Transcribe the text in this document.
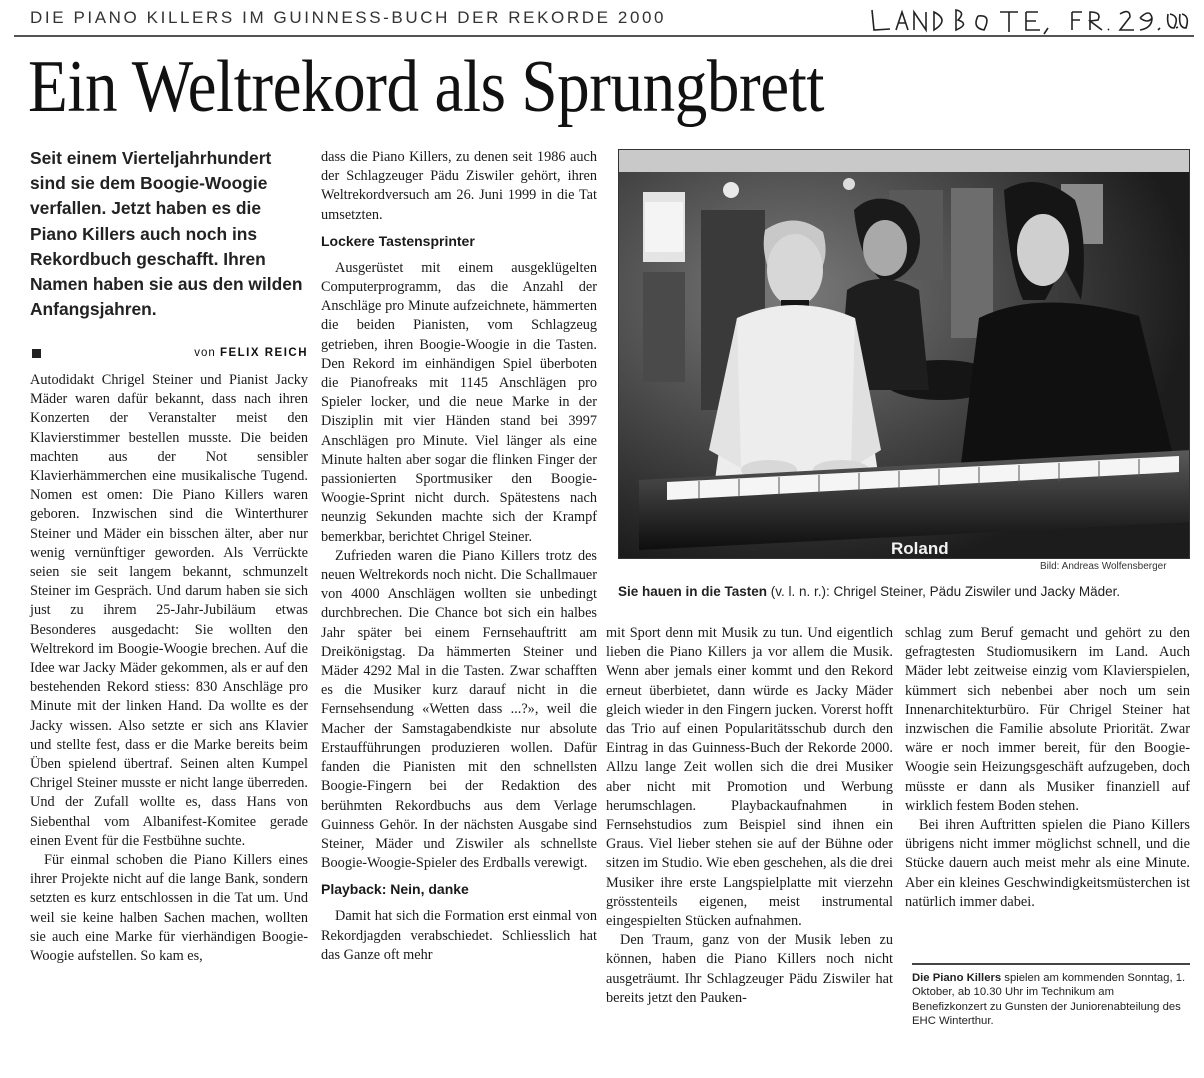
DIE PIANO KILLERS IM GUINNESS-BUCH DER REKORDE 2000
Ein Weltrekord als Sprungbrett
Seit einem Vierteljahrhundert sind sie dem Boogie-Woogie verfallen. Jetzt haben es die Piano Killers auch noch ins Rekordbuch geschafft. Ihren Namen haben sie aus den wilden Anfangsjahren.
von FELIX REICH

Autodidakt Chrigel Steiner und Pianist Jacky Mäder waren dafür bekannt, dass nach ihren Konzerten der Veranstalter meist den Klavierstimmer bestellen musste. Die beiden machten aus der Not sensibler Klavierhämmerchen eine musikalische Tugend. Nomen est omen: Die Piano Killers waren geboren. Inzwischen sind die Winterthurer Steiner und Mäder ein bisschen älter, aber nur wenig vernünftiger geworden. Als Verrückte seien sie seit langem bekannt, schmunzelt Steiner im Gespräch. Und darum haben sie sich just zu ihrem 25-Jahr-Jubiläum etwas Besonderes ausgedacht: Sie wollten den Weltrekord im Boogie-Woogie brechen. Auf die Idee war Jacky Mäder gekommen, als er auf den bestehenden Rekord stiess: 830 Anschläge pro Minute mit der linken Hand. Da wollte es der Jacky wissen. Also setzte er sich ans Klavier und stellte fest, dass er die Marke bereits beim Üben spielend übertraf. Seinen alten Kumpel Chrigel Steiner musste er nicht lange überreden. Und der Zufall wollte es, dass Hans von Siebenthal vom Albanifest-Komitee gerade einen Event für die Festbühne suchte.

Für einmal schoben die Piano Killers eines ihrer Projekte nicht auf die lange Bank, sondern setzten es kurz entschlossen in die Tat um. Und weil sie keine halben Sachen machen, wollten sie auch eine Marke für vierhändigen Boogie-Woogie aufstellen. So kam es,

dass die Piano Killers, zu denen seit 1986 auch der Schlagzeuger Pädu Ziswiler gehört, ihren Weltrekordversuch am 26. Juni 1999 in die Tat umsetzten.

Lockere Tastensprinter

Ausgerüstet mit einem ausgeklügelten Computerprogramm, das die Anzahl der Anschläge pro Minute aufzeichnete, hämmerten die beiden Pianisten, vom Schlagzeug getrieben, ihren Boogie-Woogie in die Tasten. Den Rekord im einhändigen Spiel überboten die Pianofreaks mit 1145 Anschlägen pro Spieler locker, und die neue Marke in der Disziplin mit vier Händen stand bei 3997 Anschlägen pro Minute. Viel länger als eine Minute halten aber sogar die flinken Finger der passionierten Sportmusiker den Boogie-Woogie-Sprint nicht durch. Spätestens nach neunzig Sekunden machte sich der Krampf bemerkbar, berichtet Chrigel Steiner.

Zufrieden waren die Piano Killers trotz des neuen Weltrekords noch nicht. Die Schallmauer von 4000 Anschlägen wollten sie unbedingt durchbrechen. Die Chance bot sich ein halbes Jahr später bei einem Fernsehauftritt am Dreikönigstag. Da hämmerten Steiner und Mäder 4292 Mal in die Tasten. Zwar schafften es die Musiker kurz darauf nicht in die Fernsehsendung «Wetten dass ...?», weil die Macher der Samstagabendkiste nur absolute Erstaufführungen produzieren wollen. Dafür fanden die Pianisten mit den schnellsten Boogie-Fingern bei der Redaktion des berühmten Rekordbuchs aus dem Verlage Guinness Gehör. In der nächsten Ausgabe sind Steiner, Mäder und Ziswiler als schnellste Boogie-Woogie-Spieler des Erdballs verewigt.

Playback: Nein, danke

Damit hat sich die Formation erst einmal von Rekordjagden verabschiedet. Schliesslich hat das Ganze oft mehr

Roland
Bild: Andreas Wolfensberger
Sie hauen in die Tasten (v. l. n. r.): Chrigel Steiner, Pädu Ziswiler und Jacky Mäder.

mit Sport denn mit Musik zu tun. Und eigentlich lieben die Piano Killers ja vor allem die Musik. Wenn aber jemals einer kommt und den Rekord erneut überbietet, dann würde es Jacky Mäder gleich wieder in den Fingern jucken. Vorerst hofft das Trio auf einen Popularitätsschub durch den Eintrag in das Guinness-Buch der Rekorde 2000. Allzu lange Zeit wollen sich die drei Musiker aber nicht mit Promotion und Werbung herumschlagen. Playbackaufnahmen in Fernsehstudios zum Beispiel sind ihnen ein Graus. Viel lieber stehen sie auf der Bühne oder sitzen im Studio. Wie eben geschehen, als die drei Musiker ihre erste Langspielplatte mit vierzehn grösstenteils eigenen, meist instrumental eingespielten Stücken aufnahmen.

Den Traum, ganz von der Musik leben zu können, haben die Piano Killers noch nicht ausgeträumt. Ihr Schlagzeuger Pädu Ziswiler hat bereits jetzt den Pauken-

schlag zum Beruf gemacht und gehört zu den gefragtesten Studiomusikern im Land. Auch Mäder lebt zeitweise einzig vom Klavierspielen, kümmert sich nebenbei aber noch um sein Innenarchitekturbüro. Für Chrigel Steiner hat inzwischen die Familie absolute Priorität. Zwar wäre er noch immer bereit, für den Boogie-Woogie sein Heizungsgeschäft aufzugeben, doch müsste er dann als Musiker finanziell auf wirklich festem Boden stehen.

Bei ihren Auftritten spielen die Piano Killers übrigens nicht immer möglichst schnell, und die Stücke dauern auch meist mehr als eine Minute. Aber ein kleines Geschwindigkeitsmüsterchen ist natürlich immer dabei.

Die Piano Killers spielen am kommenden Sonntag, 1. Oktober, ab 10.30 Uhr im Technikum am Benefizkonzert zu Gunsten der Juniorenabteilung des EHC Winterthur.
